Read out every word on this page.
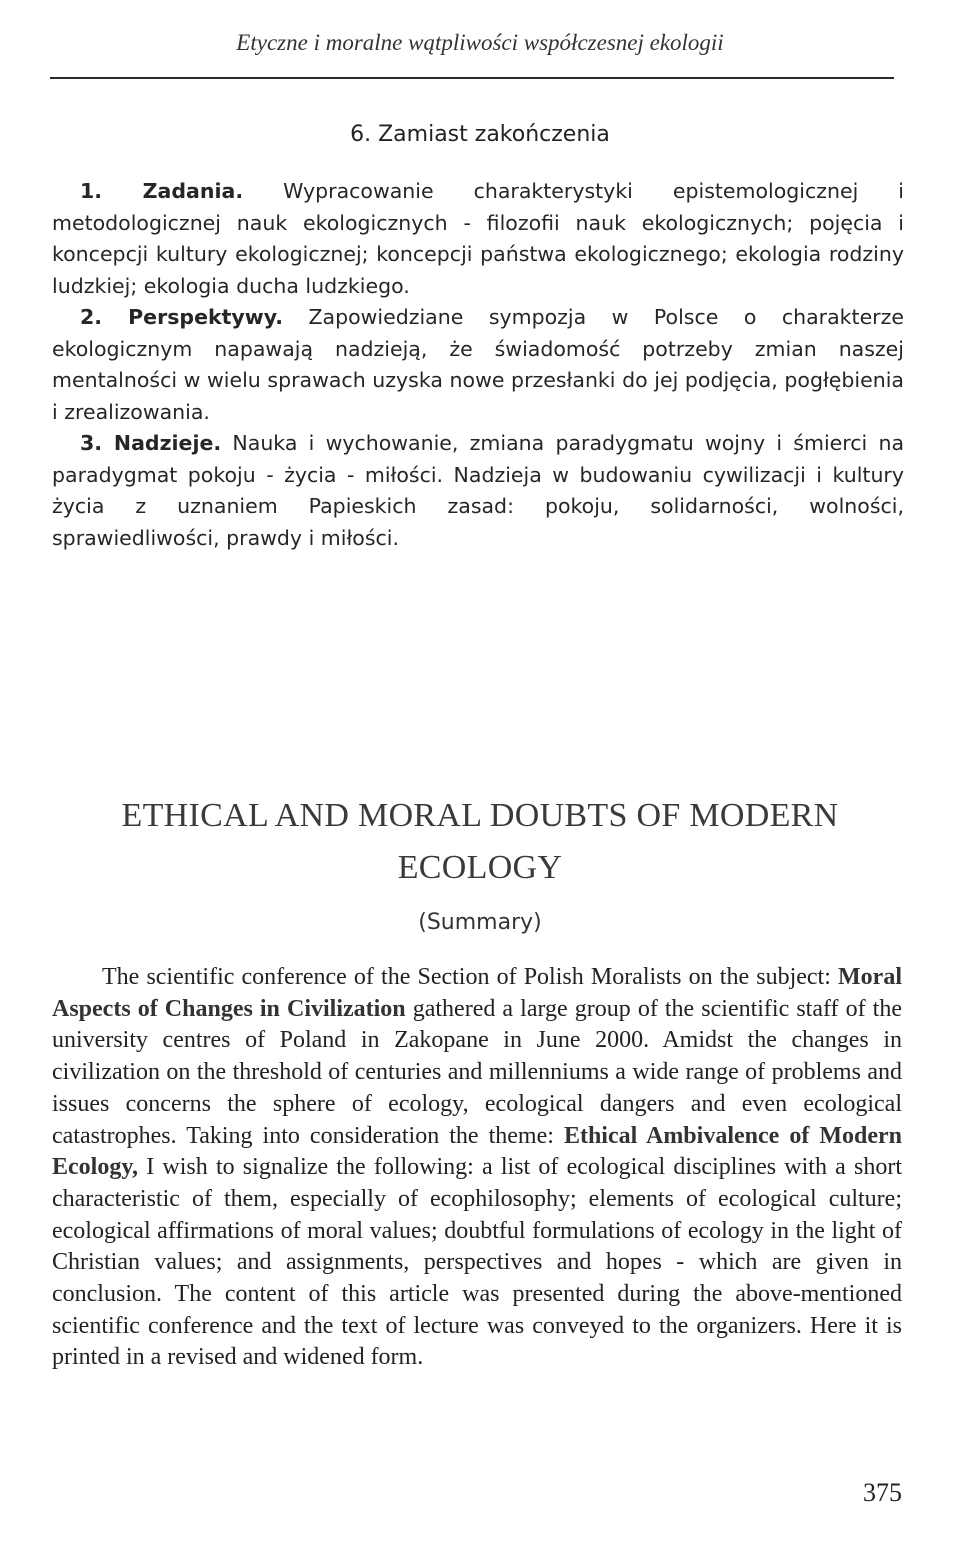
Etyczne i moralne wątpliwości współczesnej ekologii
6. Zamiast zakończenia

1. Zadania. Wypracowanie charakterystyki epistemologicznej i metodologicznej nauk ekologicznych - filozofii nauk ekologicznych; pojęcia i koncepcji kultury ekologicznej; koncepcji państwa ekologicznego; ekologia rodziny ludzkiej; ekologia ducha ludzkiego.

2. Perspektywy. Zapowiedziane sympozja w Polsce o charakterze ekologicznym napawają nadzieją, że świadomość potrzeby zmian naszej mentalności w wielu sprawach uzyska nowe przesłanki do jej podjęcia, pogłębienia i zrealizowania.

3. Nadzieje. Nauka i wychowanie, zmiana paradygmatu wojny i śmierci na paradygmat pokoju - życia - miłości. Nadzieja w budowaniu cywilizacji i kultury życia z uznaniem Papieskich zasad: pokoju, solidarności, wolności, sprawiedliwości, prawdy i miłości.

ETHICAL AND MORAL DOUBTS OF MODERN
ECOLOGY
(Summary)

The scientific conference of the Section of Polish Moralists on the subject: Moral Aspects of Changes in Civilization gathered a large group of the scientific staff of the university centres of Poland in Zakopane in June 2000. Amidst the changes in civilization on the threshold of centuries and millenniums a wide range of problems and issues concerns the sphere of ecology, ecological dangers and even ecological catastrophes. Taking into consideration the theme: Ethical Ambivalence of Modern Ecology, I wish to signalize the following: a list of ecological disciplines with a short characteristic of them, especially of ecophilosophy; elements of ecological culture; ecological affirmations of moral values; doubtful formulations of ecology in the light of Christian values; and assignments, perspectives and hopes - which are given in conclusion. The content of this article was presented during the above-mentioned scientific conference and the text of lecture was conveyed to the organizers. Here it is printed in a revised and widened form.

375
